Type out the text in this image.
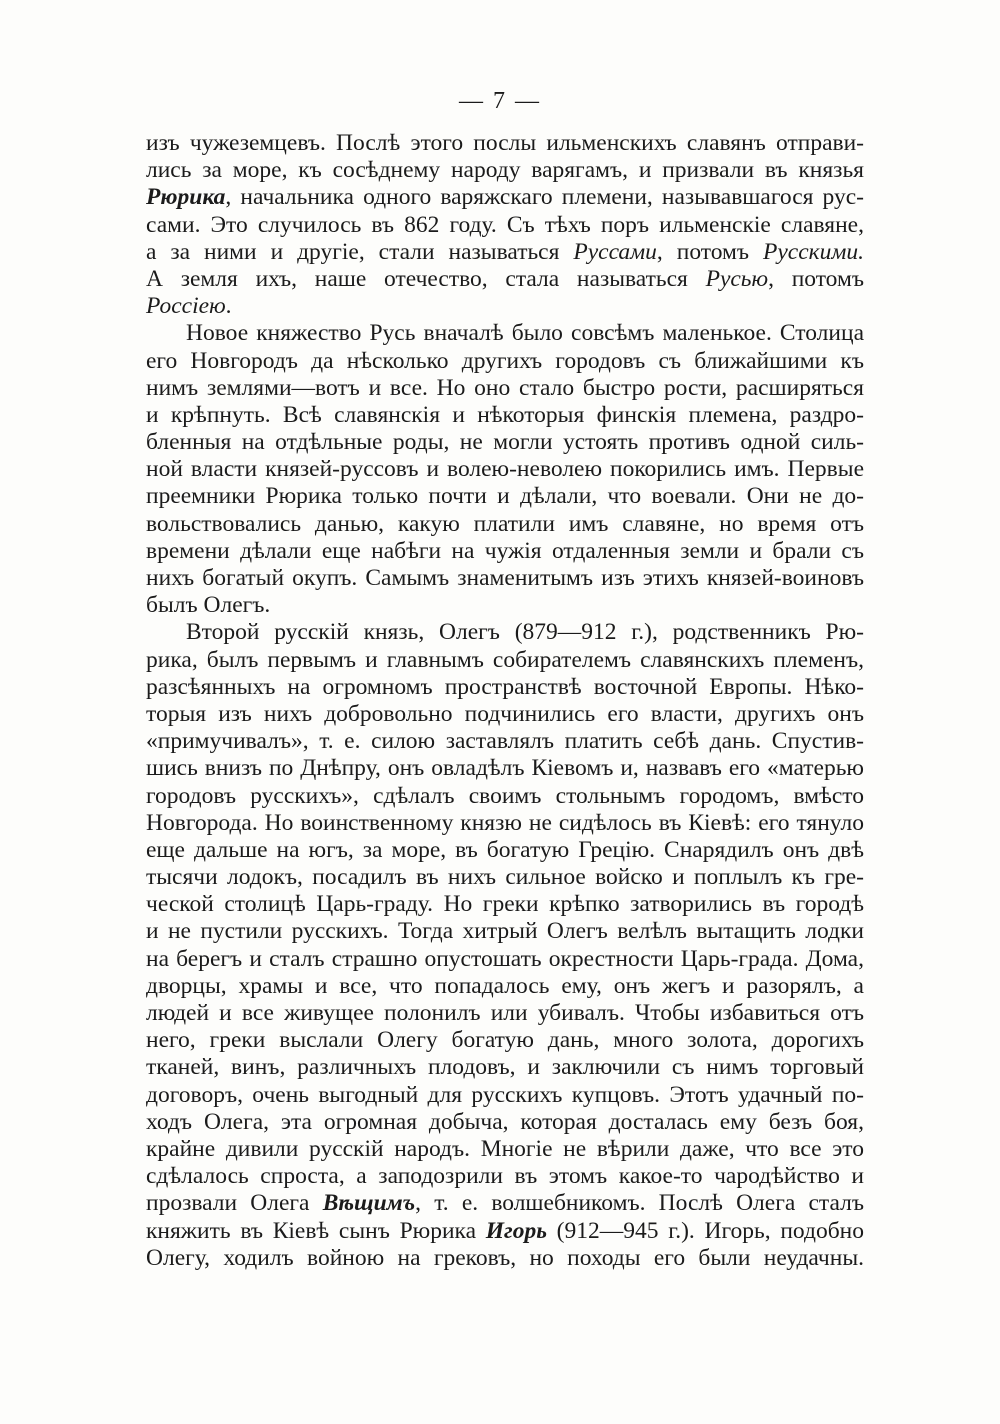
— 7 —
изъ чужеземцевъ. Послѣ этого послы ильменскихъ славянъ отправи-
лись за море, къ сосѣднему народу варягамъ, и призвали въ князья
Рюрика, начальника одного варяжскаго племени, называвшагося рус-
сами. Это случилось въ 862 году. Съ тѣхъ поръ ильменскіе славяне,
а за ними и другіе, стали называться Руссами, потомъ Русскими.
А земля ихъ, наше отечество, стала называться Русью, потомъ
Россіею.
Новое княжество Русь вначалѣ было совсѣмъ маленькое. Столица
его Новгородъ да нѣсколько другихъ городовъ съ ближайшими къ
нимъ землями—вотъ и все. Но оно стало быстро рости, расширяться
и крѣпнуть. Всѣ славянскія и нѣкоторыя финскія племена, раздро-
бленныя на отдѣльные роды, не могли устоять противъ одной силь-
ной власти князей-руссовъ и волею-неволею покорились имъ. Первые
преемники Рюрика только почти и дѣлали, что воевали. Они не до-
вольствовались данью, какую платили имъ славяне, но время отъ
времени дѣлали еще набѣги на чужія отдаленныя земли и брали съ
нихъ богатый окупъ. Самымъ знаменитымъ изъ этихъ князей-воиновъ
былъ Олегъ.
Второй русскій князь, Олегъ (879—912 г.), родственникъ Рю-
рика, былъ первымъ и главнымъ собирателемъ славянскихъ племенъ,
разсѣянныхъ на огромномъ пространствѣ восточной Европы. Нѣко-
торыя изъ нихъ добровольно подчинились его власти, другихъ онъ
«примучивалъ», т. е. силою заставлялъ платить себѣ дань. Спустив-
шись внизъ по Днѣпру, онъ овладѣлъ Кіевомъ и, назвавъ его «матерью
городовъ русскихъ», сдѣлалъ своимъ стольнымъ городомъ, вмѣсто
Новгорода. Но воинственному князю не сидѣлось въ Кіевѣ: его тянуло
еще дальше на югъ, за море, въ богатую Грецію. Снарядилъ онъ двѣ
тысячи лодокъ, посадилъ въ нихъ сильное войско и поплылъ къ гре-
ческой столицѣ Царь-граду. Но греки крѣпко затворились въ городѣ
и не пустили русскихъ. Тогда хитрый Олегъ велѣлъ вытащить лодки
на берегъ и сталъ страшно опустошать окрестности Царь-града. Дома,
дворцы, храмы и все, что попадалось ему, онъ жегъ и разорялъ, а
людей и все живущее полонилъ или убивалъ. Чтобы избавиться отъ
него, греки выслали Олегу богатую дань, много золота, дорогихъ
тканей, винъ, различныхъ плодовъ, и заключили съ нимъ торговый
договоръ, очень выгодный для русскихъ купцовъ. Этотъ удачный по-
ходъ Олега, эта огромная добыча, которая досталась ему безъ боя,
крайне дивили русскій народъ. Многіе не вѣрили даже, что все это
сдѣлалось спроста, а заподозрили въ этомъ какое-то чародѣйство и
прозвали Олега Вѣщимъ, т. е. волшебникомъ. Послѣ Олега сталъ
княжить въ Кіевѣ сынъ Рюрика Игорь (912—945 г.). Игорь, подобно
Олегу, ходилъ войною на грековъ, но походы его были неудачны.
